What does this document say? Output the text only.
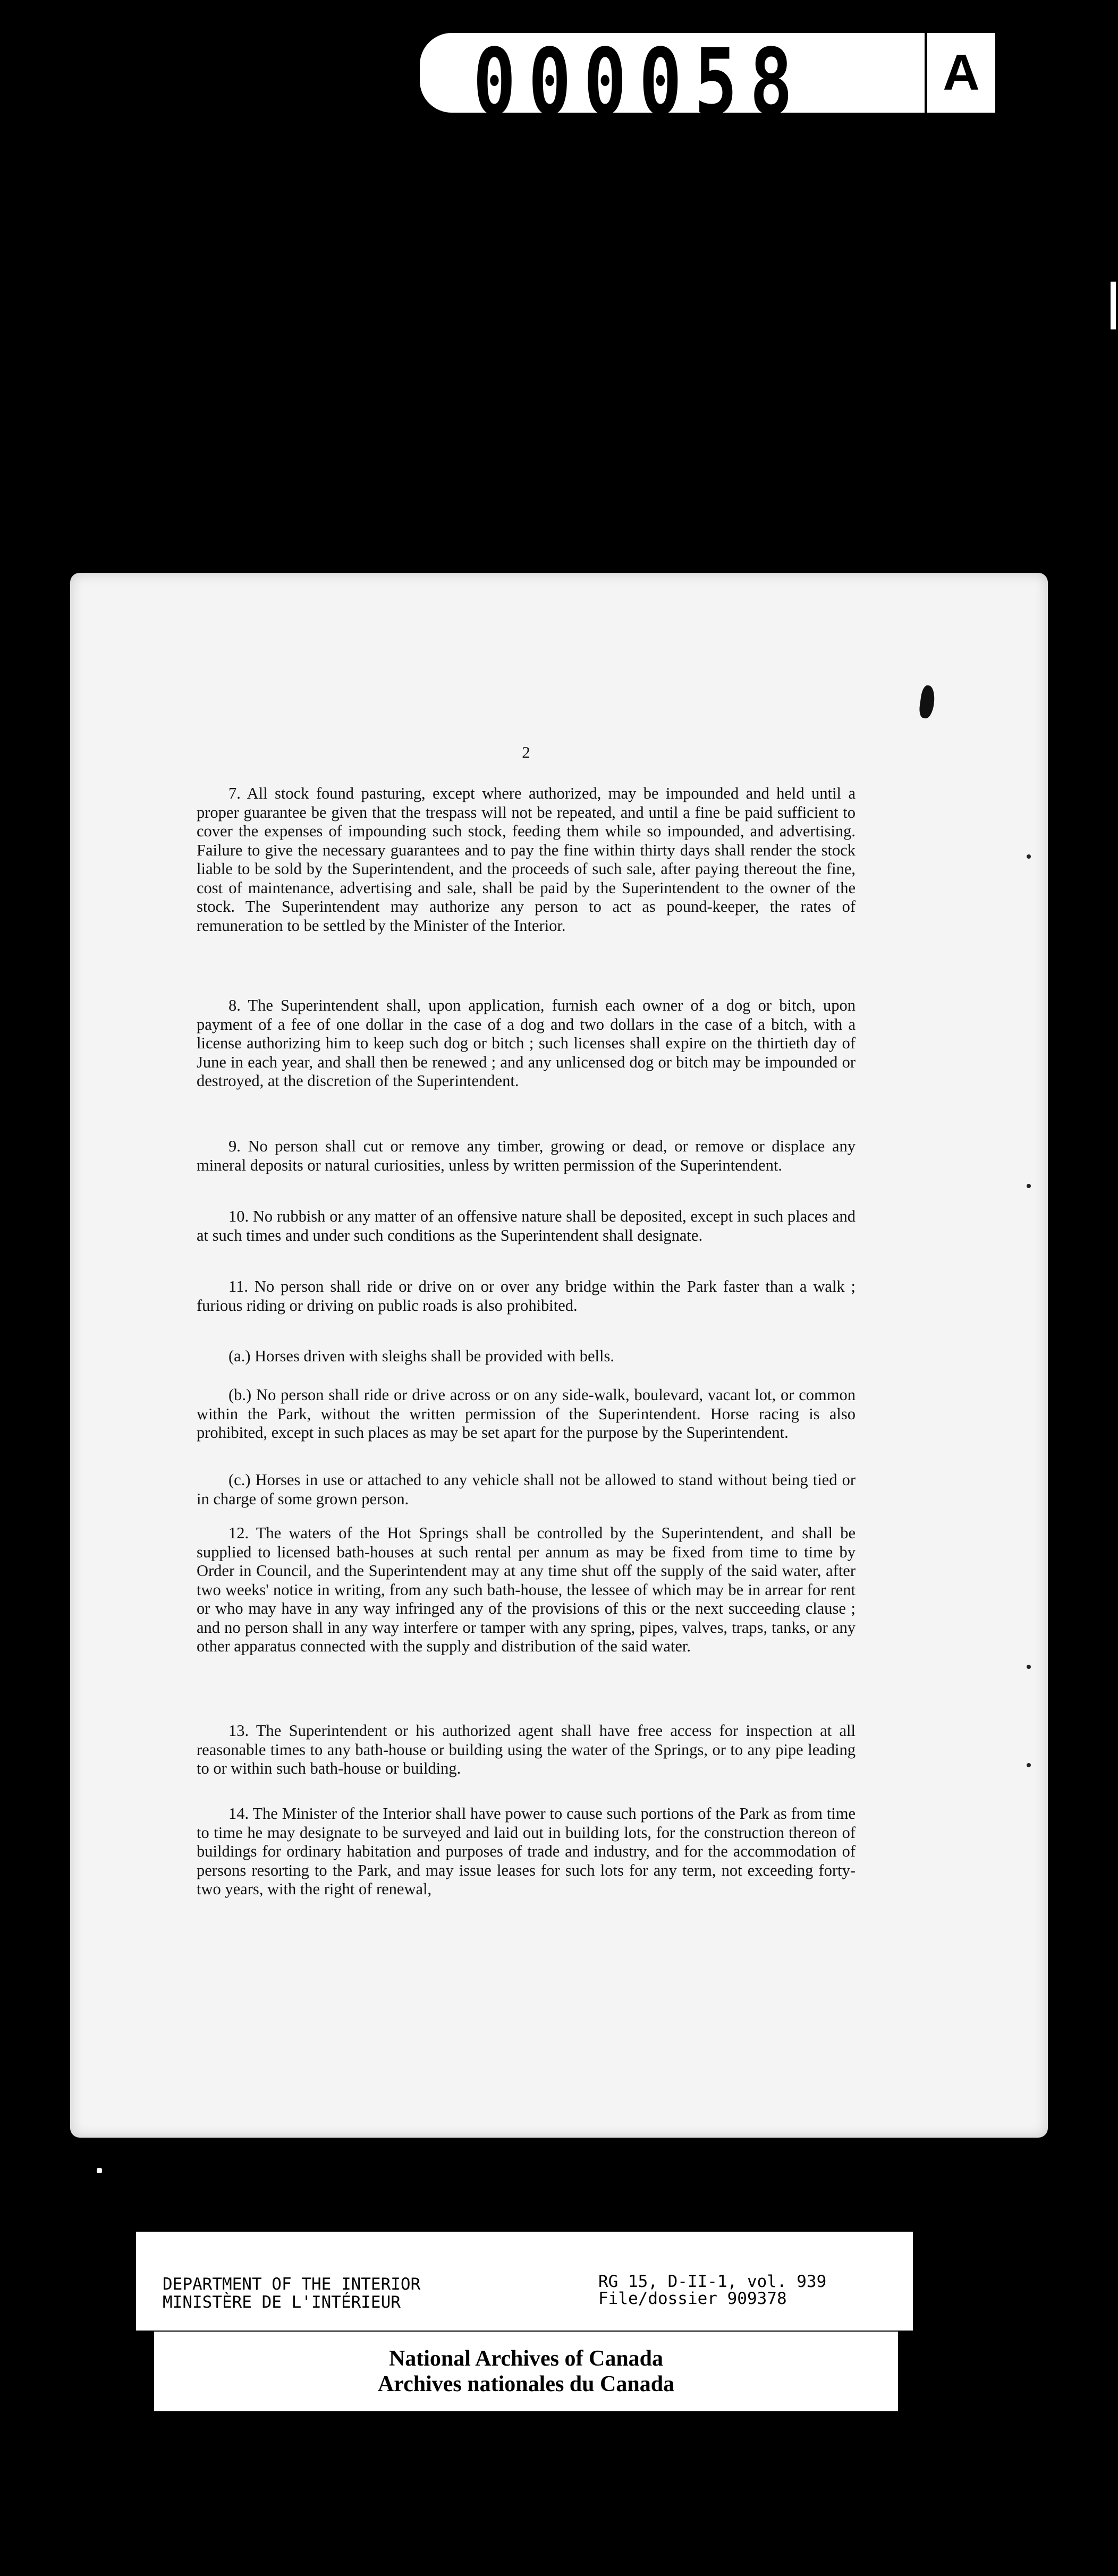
000058	A
2

7. All stock found pasturing, except where authorized, may be impounded and held until a proper guarantee be given that the trespass will not be repeated, and until a fine be paid sufficient to cover the expenses of impounding such stock, feeding them while so impounded, and advertising. Failure to give the necessary guarantees and to pay the fine within thirty days shall render the stock liable to be sold by the Superintendent, and the proceeds of such sale, after paying thereout the fine, cost of maintenance, advertising and sale, shall be paid by the Superintendent to the owner of the stock. The Superintendent may authorize any person to act as pound-keeper, the rates of remuneration to be settled by the Minister of the Interior.

8. The Superintendent shall, upon application, furnish each owner of a dog or bitch, upon payment of a fee of one dollar in the case of a dog and two dollars in the case of a bitch, with a license authorizing him to keep such dog or bitch ; such licenses shall expire on the thirtieth day of June in each year, and shall then be renewed ; and any unlicensed dog or bitch may be impounded or destroyed, at the discretion of the Superintendent.

9. No person shall cut or remove any timber, growing or dead, or remove or displace any mineral deposits or natural curiosities, unless by written permission of the Superintendent.

10. No rubbish or any matter of an offensive nature shall be deposited, except in such places and at such times and under such conditions as the Superintendent shall designate.

11. No person shall ride or drive on or over any bridge within the Park faster than a walk ; furious riding or driving on public roads is also prohibited.

(a.) Horses driven with sleighs shall be provided with bells.

(b.) No person shall ride or drive across or on any side-walk, boulevard, vacant lot, or common within the Park, without the written permission of the Superintendent. Horse racing is also prohibited, except in such places as may be set apart for the purpose by the Superintendent.

(c.) Horses in use or attached to any vehicle shall not be allowed to stand without being tied or in charge of some grown person.

12. The waters of the Hot Springs shall be controlled by the Superintendent, and shall be supplied to licensed bath-houses at such rental per annum as may be fixed from time to time by Order in Council, and the Superintendent may at any time shut off the supply of the said water, after two weeks' notice in writing, from any such bath-house, the lessee of which may be in arrear for rent or who may have in any way infringed any of the provisions of this or the next succeeding clause ; and no person shall in any way interfere or tamper with any spring, pipes, valves, traps, tanks, or any other apparatus connected with the supply and distribution of the said water.

13. The Superintendent or his authorized agent shall have free access for inspection at all reasonable times to any bath-house or building using the water of the Springs, or to any pipe leading to or within such bath-house or building.

14. The Minister of the Interior shall have power to cause such portions of the Park as from time to time he may designate to be surveyed and laid out in building lots, for the construction thereon of buildings for ordinary habitation and purposes of trade and industry, and for the accommodation of persons resorting to the Park, and may issue leases for such lots for any term, not exceeding forty-two years, with the right of renewal,

DEPARTMENT OF THE INTERIOR
MINISTÈRE DE L'INTÉRIEUR
RG 15, D-II-1, vol. 939
File/dossier 909378
National Archives of Canada
Archives nationales du Canada
